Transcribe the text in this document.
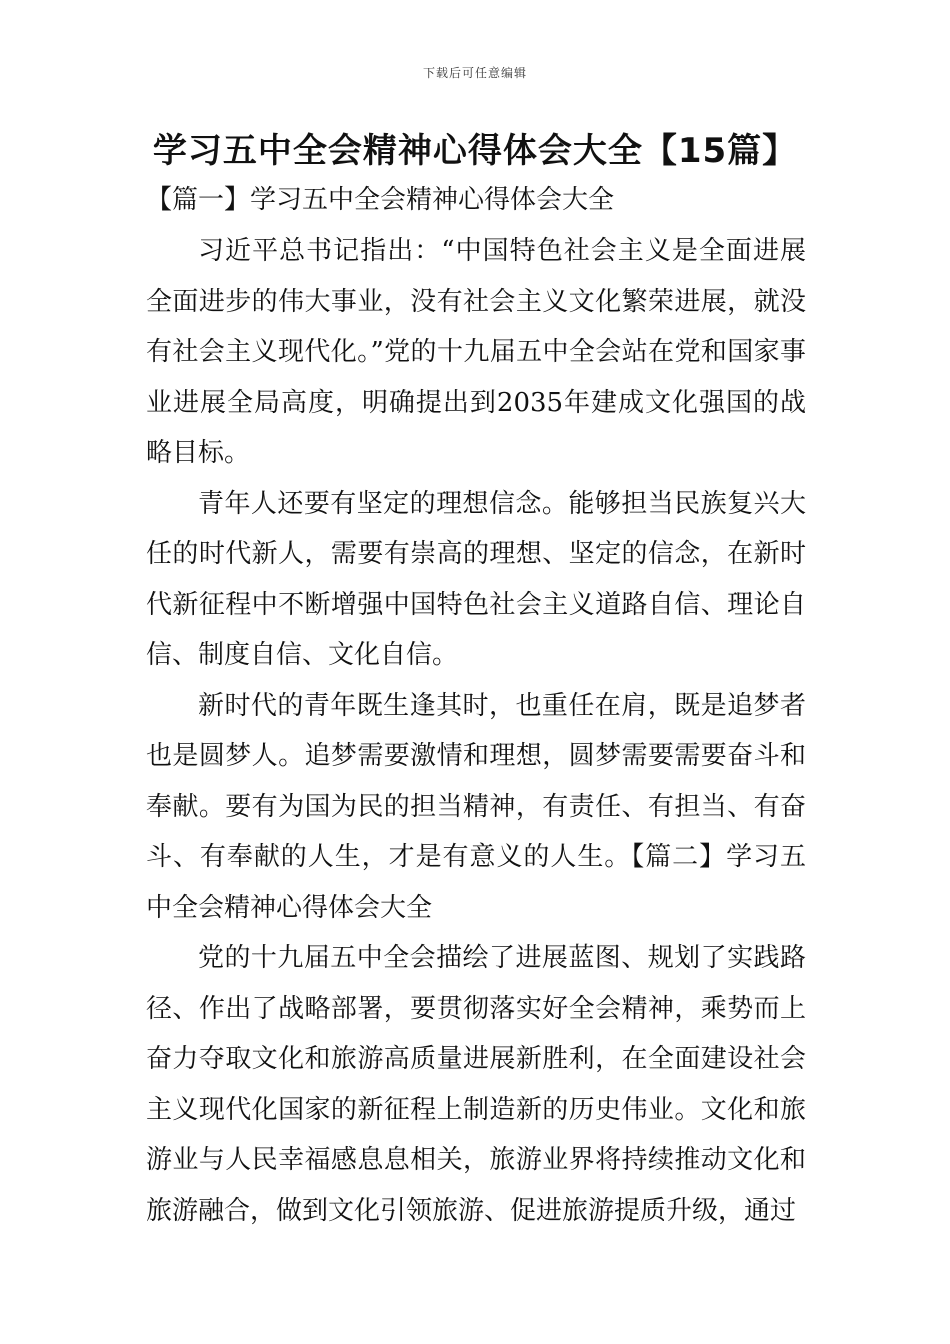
下载后可任意编辑
学习五中全会精神心得体会大全【15篇】
【篇一】学习五中全会精神心得体会大全

习近平总书记指出：“中国特色社会主义是全面进展全面进步的伟大事业，没有社会主义文化繁荣进展，就没有社会主义现代化。”党的十九届五中全会站在党和国家事业进展全局高度，明确提出到2035年建成文化强国的战略目标。

青年人还要有坚定的理想信念。能够担当民族复兴大任的时代新人，需要有崇高的理想、坚定的信念，在新时代新征程中不断增强中国特色社会主义道路自信、理论自信、制度自信、文化自信。

新时代的青年既生逢其时，也重任在肩，既是追梦者也是圆梦人。追梦需要激情和理想，圆梦需要需要奋斗和奉献。要有为国为民的担当精神，有责任、有担当、有奋斗、有奉献的人生，才是有意义的人生。【篇二】学习五中全会精神心得体会大全

党的十九届五中全会描绘了进展蓝图、规划了实践路径、作出了战略部署，要贯彻落实好全会精神，乘势而上奋力夺取文化和旅游高质量进展新胜利，在全面建设社会主义现代化国家的新征程上制造新的历史伟业。文化和旅游业与人民幸福感息息相关，旅游业界将持续推动文化和旅游融合，做到文化引领旅游、促进旅游提质升级，通过
